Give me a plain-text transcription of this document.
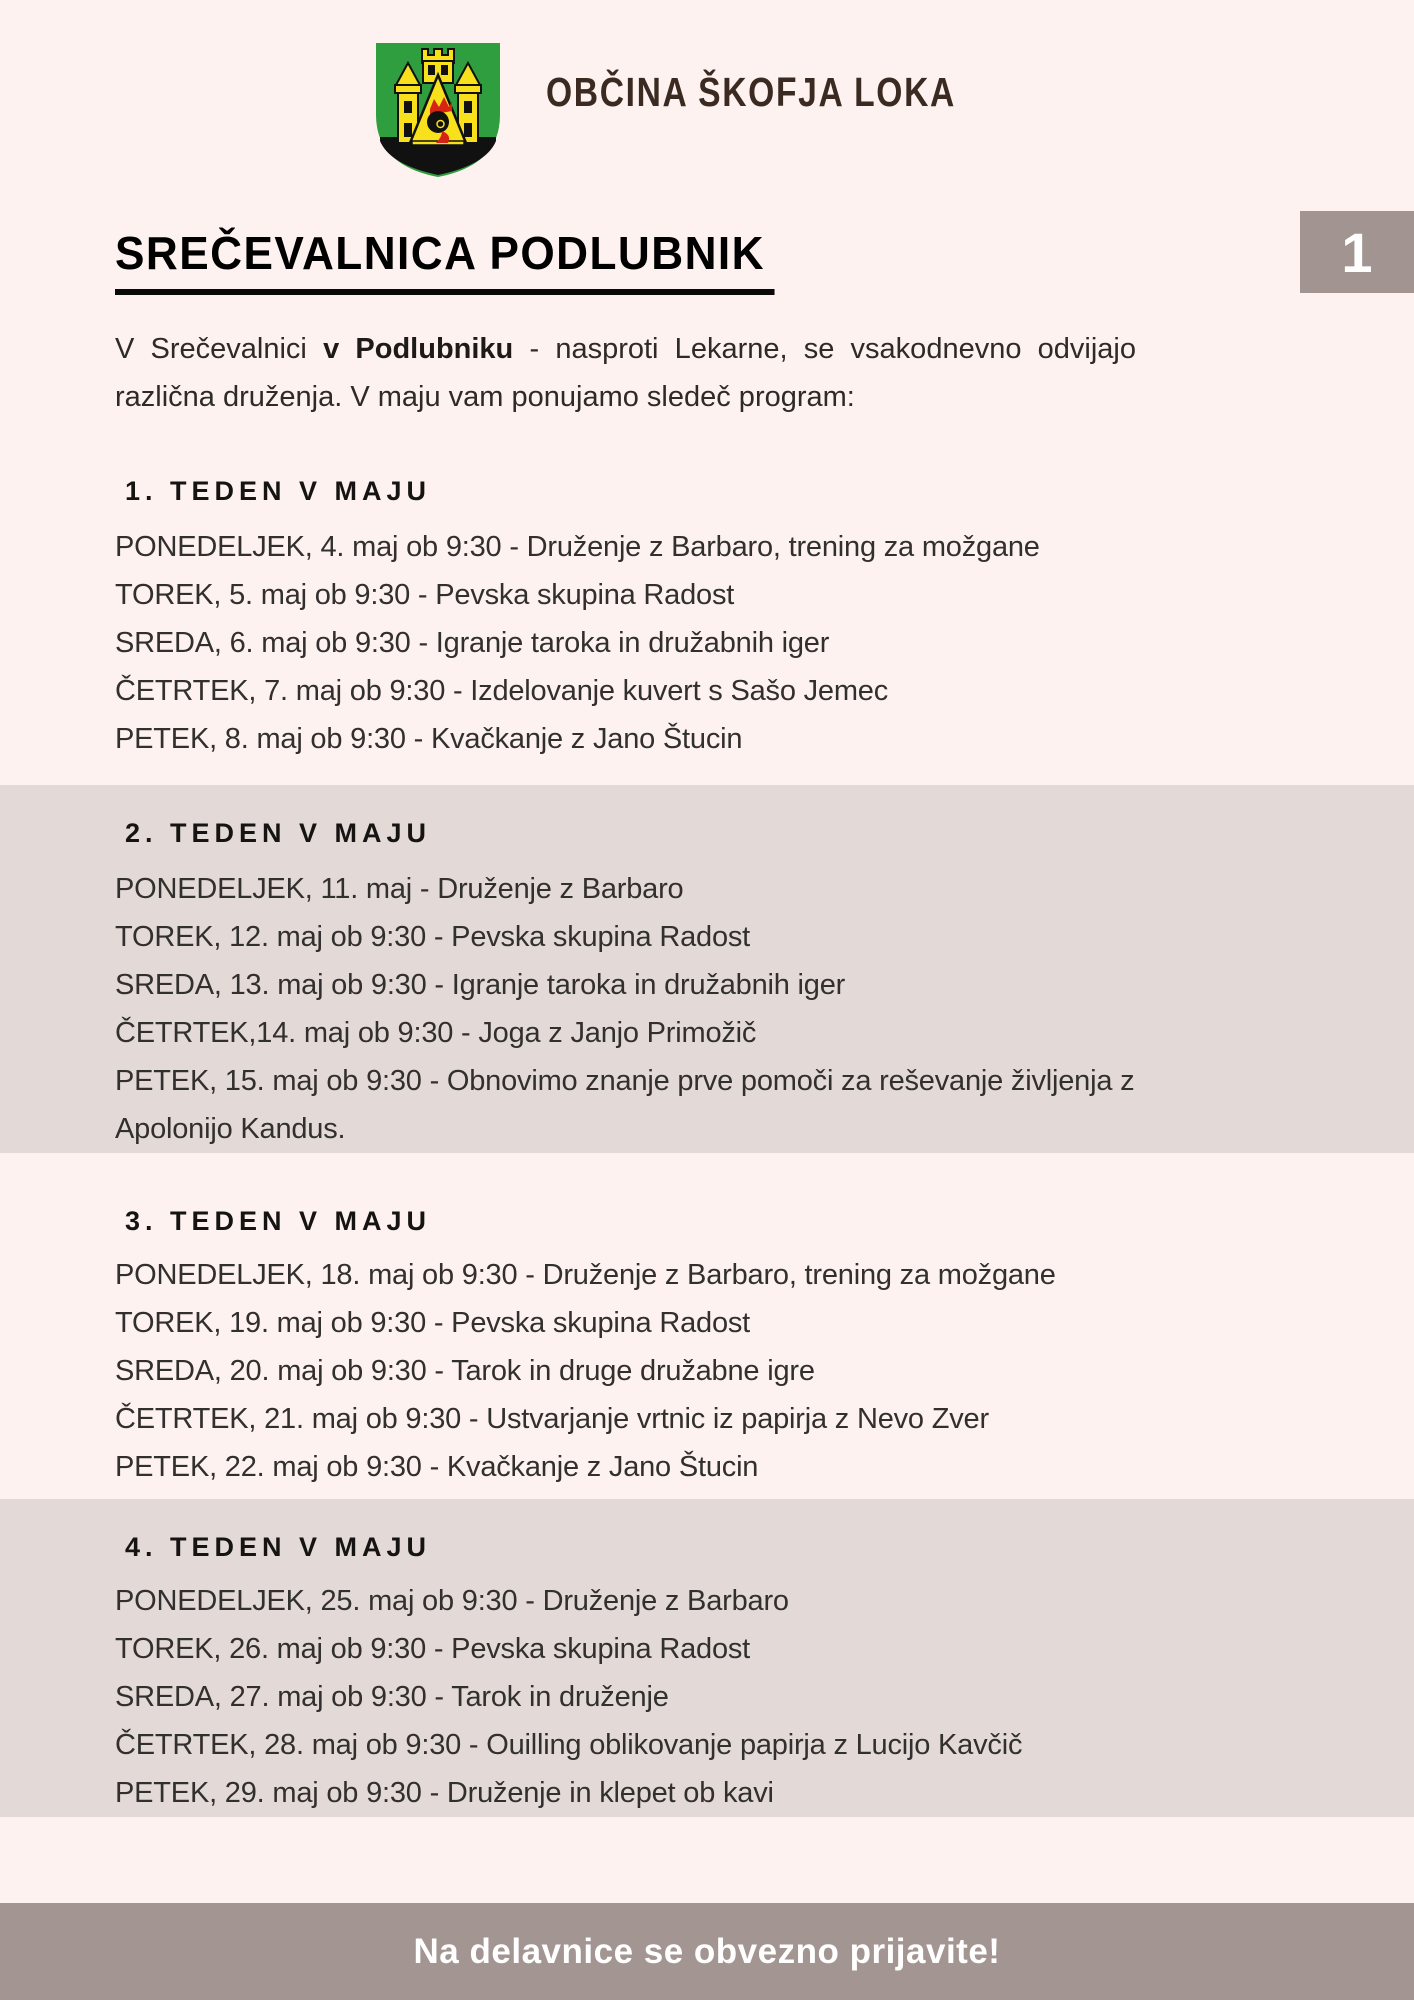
OBČINA ŠKOFJA LOKA
1
SREČEVALNICA PODLUBNIK

V Srečevalnici v Podlubniku - nasproti Lekarne, se vsakodnevno odvijajo različna druženja. V maju vam ponujamo sledeč program:

1. TEDEN V MAJU

PONEDELJEK, 4. maj ob 9:30 - Druženje z Barbaro, trening za možgane

TOREK, 5. maj ob 9:30 - Pevska skupina Radost

SREDA, 6. maj ob 9:30 - Igranje taroka in družabnih iger

ČETRTEK, 7. maj ob 9:30 - Izdelovanje kuvert s Sašo Jemec

PETEK, 8. maj ob 9:30 - Kvačkanje z Jano Štucin

2. TEDEN V MAJU

PONEDELJEK, 11. maj - Druženje z Barbaro

TOREK, 12. maj ob 9:30 - Pevska skupina Radost

SREDA, 13. maj ob 9:30 - Igranje taroka in družabnih iger

ČETRTEK,14. maj ob 9:30 - Joga z Janjo Primožič

PETEK, 15. maj ob 9:30 - Obnovimo znanje prve pomoči za reševanje življenja z Apolonijo Kandus.

3. TEDEN V MAJU

PONEDELJEK, 18. maj ob 9:30 - Druženje z Barbaro, trening za možgane

TOREK, 19. maj ob 9:30 - Pevska skupina Radost

SREDA, 20. maj ob 9:30 - Tarok in druge družabne igre

ČETRTEK, 21. maj ob 9:30 - Ustvarjanje vrtnic iz papirja z Nevo Zver

PETEK, 22. maj ob 9:30 - Kvačkanje z Jano Štucin

4. TEDEN V MAJU

PONEDELJEK, 25. maj ob 9:30 - Druženje z Barbaro

TOREK, 26. maj ob 9:30 - Pevska skupina Radost

SREDA, 27. maj ob 9:30 - Tarok in druženje

ČETRTEK, 28. maj ob 9:30 - Ouilling oblikovanje papirja z Lucijo Kavčič

PETEK, 29. maj ob 9:30 - Druženje in klepet ob kavi

Na delavnice se obvezno prijavite!
